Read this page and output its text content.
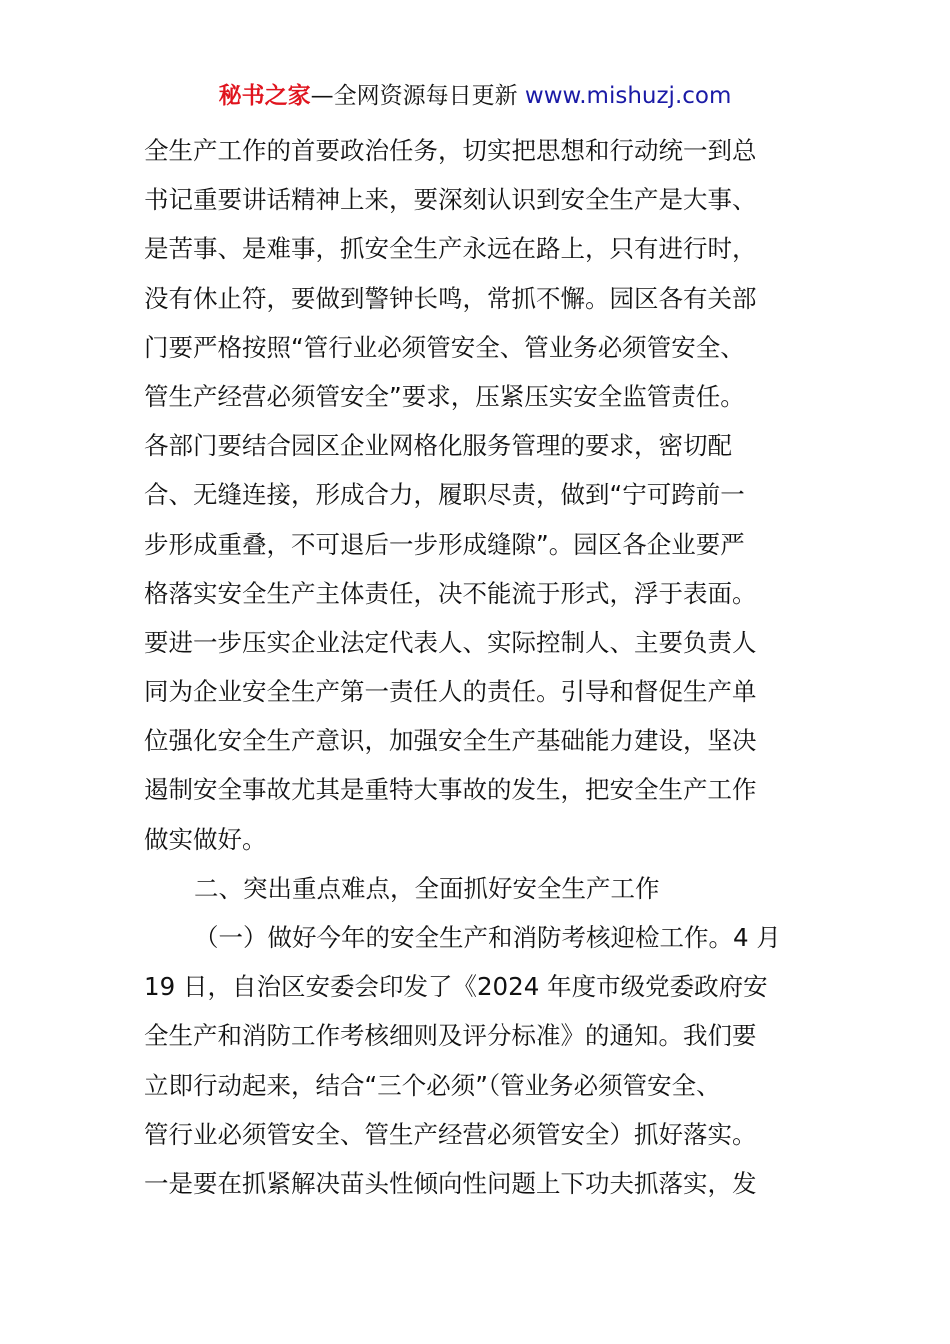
秘书之家—全网资源每日更新 www.mishuzj.com
全生产工作的首要政治任务，切实把思想和行动统一到总
书记重要讲话精神上来，要深刻认识到安全生产是大事、
是苦事、是难事，抓安全生产永远在路上，只有进行时，
没有休止符，要做到警钟长鸣，常抓不懈。园区各有关部
门要严格按照“管行业必须管安全、管业务必须管安全、
管生产经营必须管安全”要求，压紧压实安全监管责任。
各部门要结合园区企业网格化服务管理的要求，密切配
合、无缝连接，形成合力，履职尽责，做到“宁可跨前一
步形成重叠，不可退后一步形成缝隙”。园区各企业要严
格落实安全生产主体责任，决不能流于形式，浮于表面。
要进一步压实企业法定代表人、实际控制人、主要负责人
同为企业安全生产第一责任人的责任。引导和督促生产单
位强化安全生产意识，加强安全生产基础能力建设，坚决
遏制安全事故尤其是重特大事故的发生，把安全生产工作
做实做好。
二、突出重点难点，全面抓好安全生产工作
（一）做好今年的安全生产和消防考核迎检工作。4 月
19 日，自治区安委会印发了《2024 年度市级党委政府安
全生产和消防工作考核细则及评分标准》的通知。我们要
立即行动起来，结合“三个必须”（管业务必须管安全、
管行业必须管安全、管生产经营必须管安全）抓好落实。
一是要在抓紧解决苗头性倾向性问题上下功夫抓落实，发
